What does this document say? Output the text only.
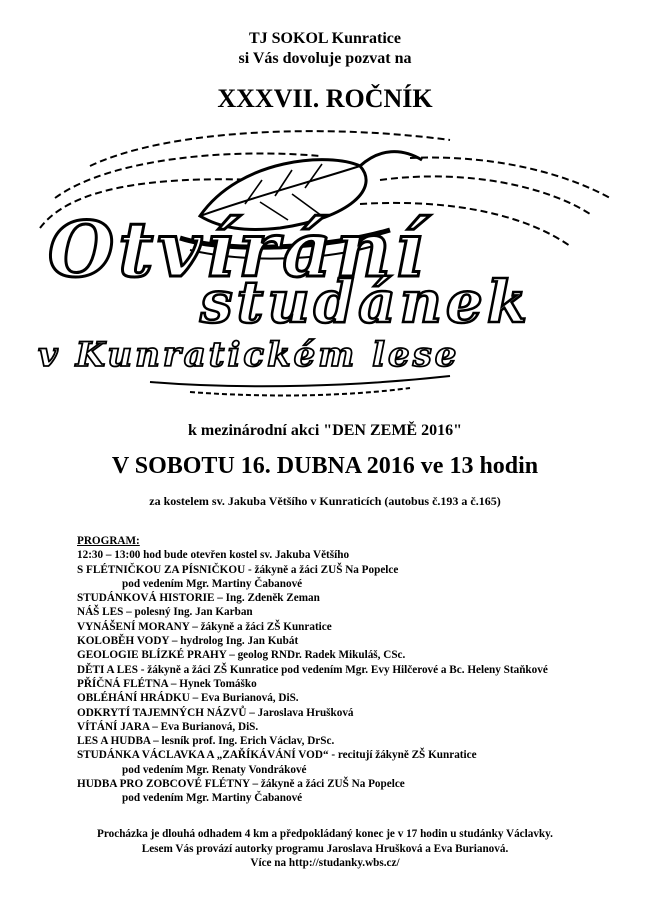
TJ SOKOL Kunratice
si Vás dovoluje pozvat na
XXXVII. ROČNÍK
Otvírání
studánek
v Kunratickém lese
k mezinárodní akci "DEN ZEMĚ 2016"
V SOBOTU 16. DUBNA 2016 ve 13 hodin
za kostelem sv. Jakuba Většího v Kunraticích (autobus č.193 a č.165)
PROGRAM:
12:30 – 13:00 hod bude otevřen kostel sv. Jakuba Většího
S FLÉTNIČKOU ZA PÍSNIČKOU - žákyně a žáci ZUŠ Na Popelce
pod vedením Mgr. Martiny Čabanové
STUDÁNKOVÁ HISTORIE – Ing. Zdeněk Zeman
NÁŠ LES – polesný Ing. Jan Karban
VYNÁŠENÍ MORANY – žákyně a žáci ZŠ Kunratice
KOLOBĚH VODY – hydrolog Ing. Jan Kubát
GEOLOGIE BLÍZKÉ PRAHY – geolog RNDr. Radek Mikuláš, CSc.
DĚTI A LES - žákyně a žáci ZŠ Kunratice pod vedením Mgr. Evy Hilčerové a Bc. Heleny Staňkové
PŘÍČNÁ FLÉTNA – Hynek Tomáško
OBLÉHÁNÍ HRÁDKU – Eva Burianová, DiS.
ODKRYTÍ TAJEMNÝCH NÁZVŮ – Jaroslava Hrušková
VÍTÁNÍ JARA – Eva Burianová, DiS.
LES A HUDBA – lesník prof. Ing. Erich Václav, DrSc.
STUDÁNKA VÁCLAVKA A „ZAŘÍKÁVÁNÍ VOD“ - recitují žákyně ZŠ Kunratice
pod vedením Mgr. Renaty Vondrákové
HUDBA PRO ZOBCOVÉ FLÉTNY – žákyně a žáci ZUŠ Na Popelce
pod vedením Mgr. Martiny Čabanové
Procházka je dlouhá odhadem 4 km a předpokládaný konec je v 17 hodin u studánky Václavky.
Lesem Vás provází autorky programu Jaroslava Hrušková a Eva Burianová.
Více na http://studanky.wbs.cz/
